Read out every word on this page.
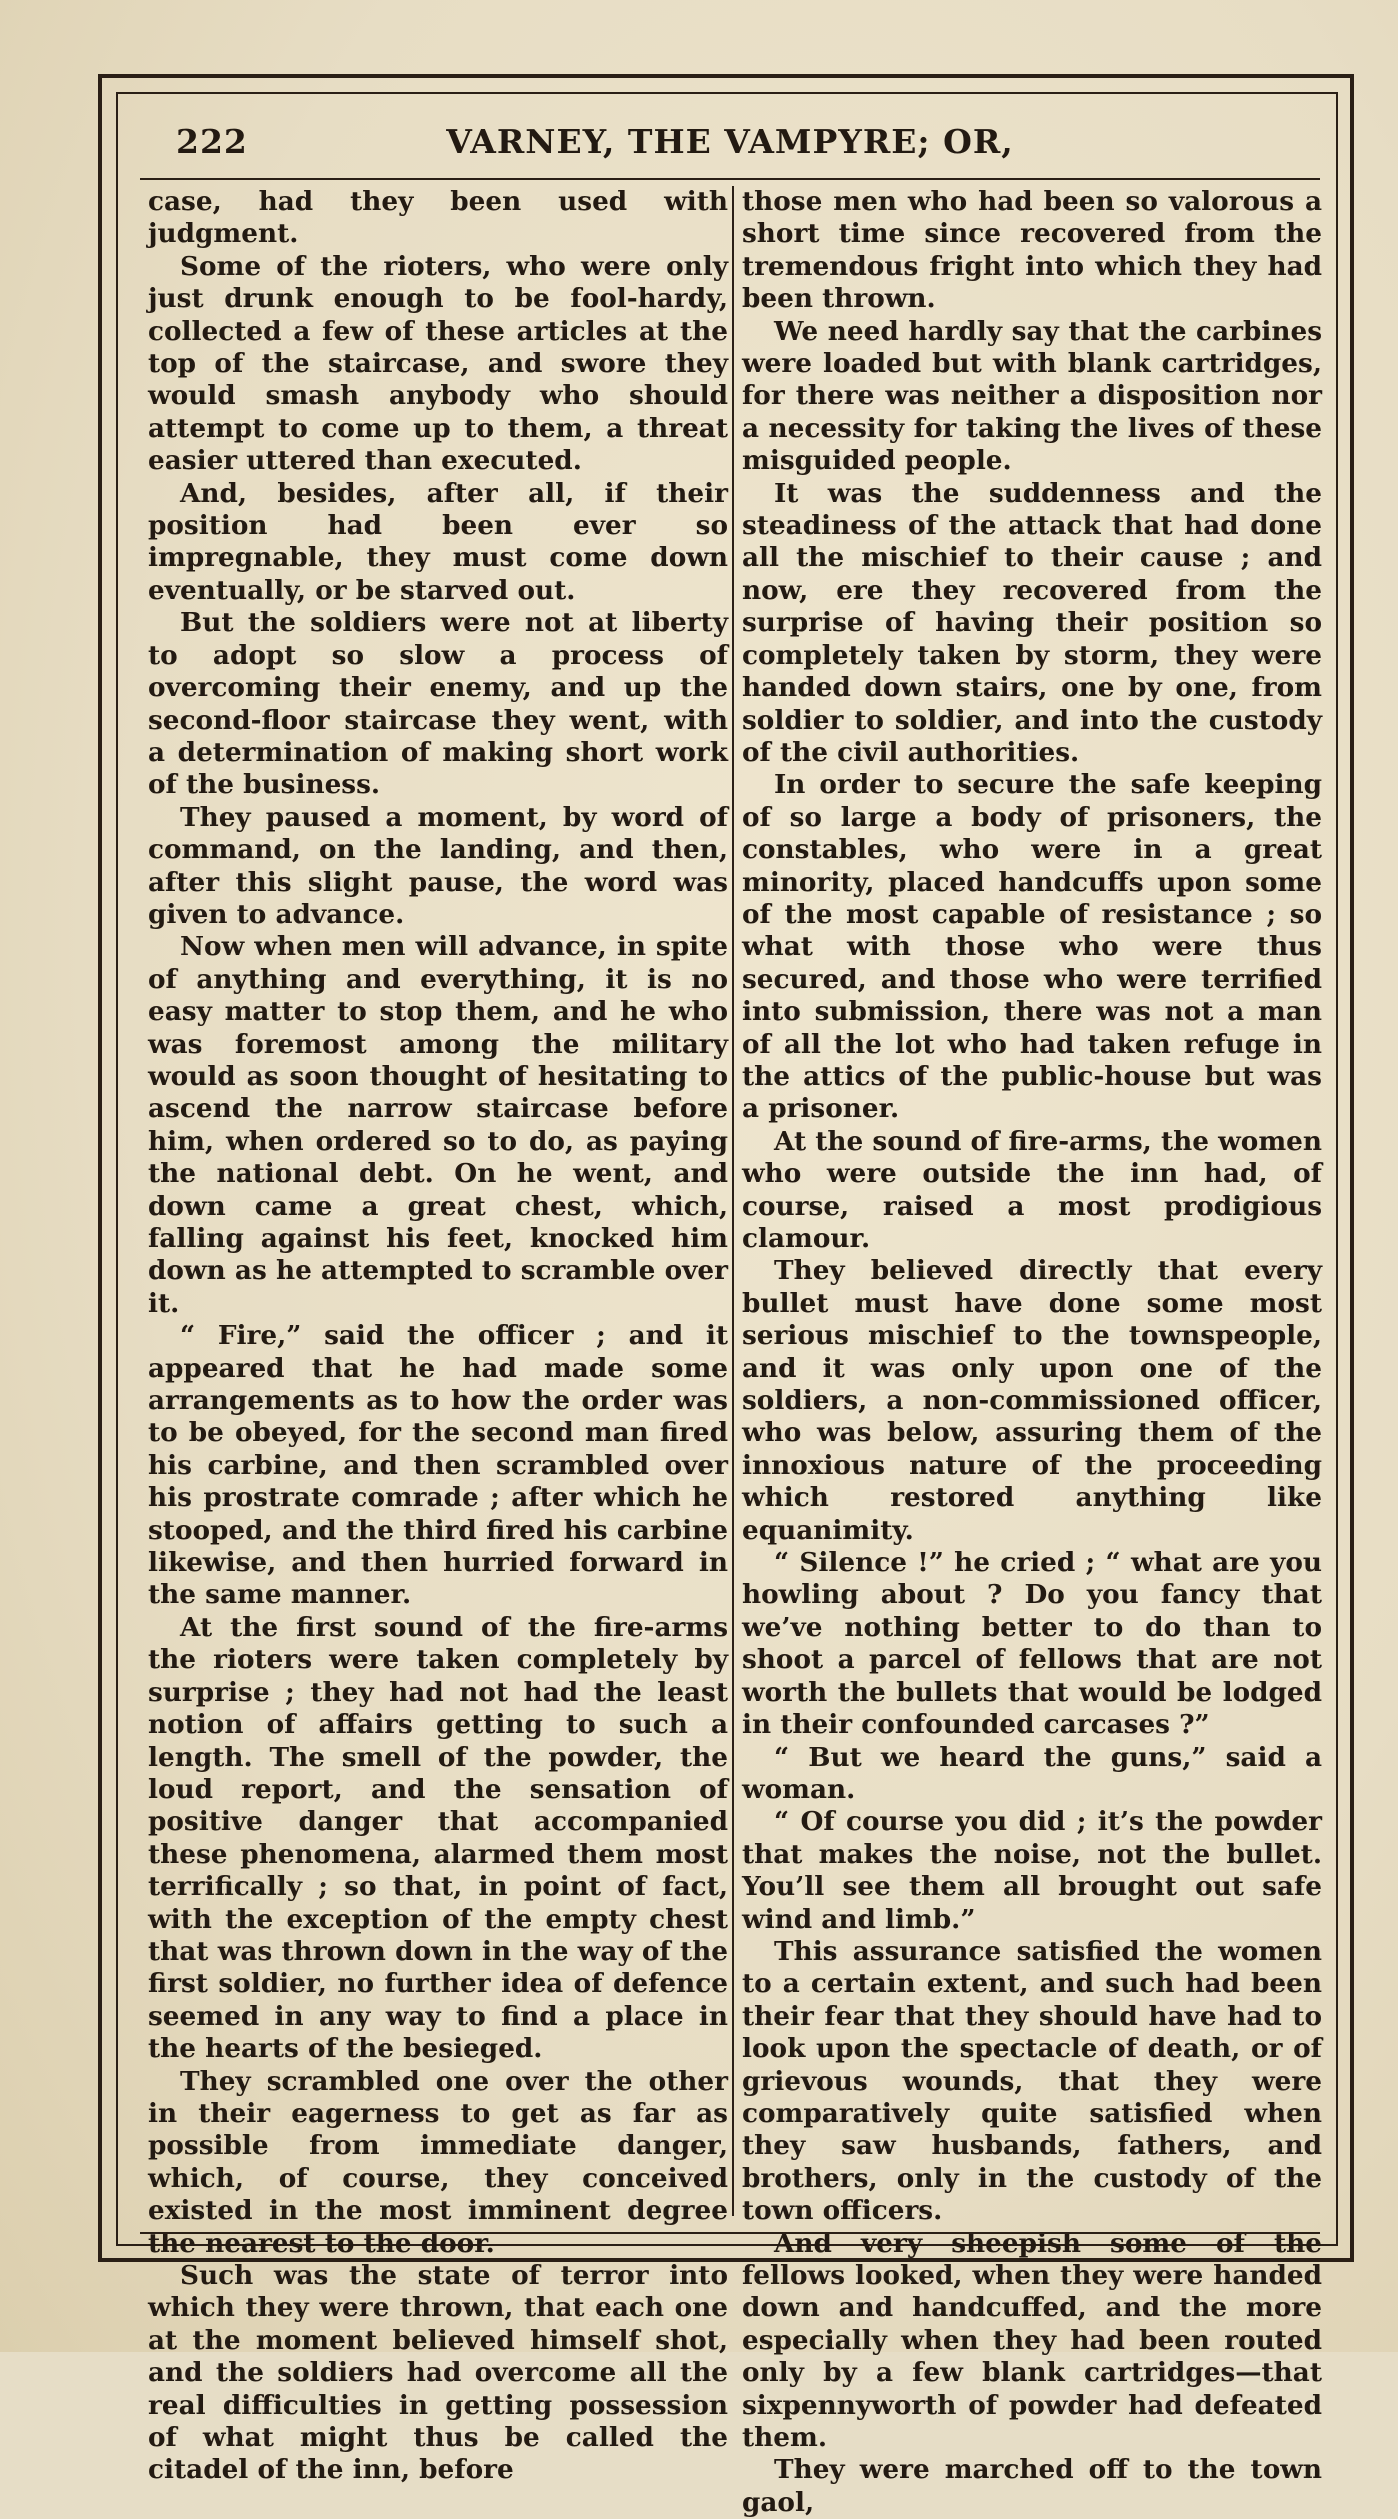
222	VARNEY, THE VAMPYRE; OR,

case, had they been used with judgment.

Some of the rioters, who were only just drunk enough to be fool-hardy, collected a few of these articles at the top of the staircase, and swore they would smash anybody who should attempt to come up to them, a threat easier uttered than executed.

And, besides, after all, if their position had been ever so impregnable, they must come down eventually, or be starved out.

But the soldiers were not at liberty to adopt so slow a process of overcoming their enemy, and up the second-floor staircase they went, with a determination of making short work of the business.

They paused a moment, by word of command, on the landing, and then, after this slight pause, the word was given to advance.

Now when men will advance, in spite of anything and everything, it is no easy matter to stop them, and he who was foremost among the military would as soon thought of hesitating to ascend the narrow staircase before him, when ordered so to do, as paying the national debt. On he went, and down came a great chest, which, falling against his feet, knocked him down as he attempted to scramble over it.

“ Fire,” said the officer ; and it appeared that he had made some arrangements as to how the order was to be obeyed, for the second man fired his carbine, and then scrambled over his prostrate comrade ; after which he stooped, and the third fired his carbine likewise, and then hurried forward in the same manner.

At the first sound of the fire-arms the rioters were taken completely by surprise ; they had not had the least notion of affairs getting to such a length. The smell of the powder, the loud report, and the sensation of positive danger that accompanied these phenomena, alarmed them most terrifically ; so that, in point of fact, with the exception of the empty chest that was thrown down in the way of the first soldier, no further idea of defence seemed in any way to find a place in the hearts of the besieged.

They scrambled one over the other in their eagerness to get as far as possible from immediate danger, which, of course, they conceived existed in the most imminent degree the nearest to the door.

Such was the state of terror into which they were thrown, that each one at the moment believed himself shot, and the soldiers had overcome all the real difficulties in getting possession of what might thus be called the citadel of the inn, before

those men who had been so valorous a short time since recovered from the tremendous fright into which they had been thrown.

We need hardly say that the carbines were loaded but with blank cartridges, for there was neither a disposition nor a necessity for taking the lives of these misguided people.

It was the suddenness and the steadiness of the attack that had done all the mischief to their cause ; and now, ere they recovered from the surprise of having their position so completely taken by storm, they were handed down stairs, one by one, from soldier to soldier, and into the custody of the civil authorities.

In order to secure the safe keeping of so large a body of prisoners, the constables, who were in a great minority, placed handcuffs upon some of the most capable of resistance ; so what with those who were thus secured, and those who were terrified into submission, there was not a man of all the lot who had taken refuge in the attics of the public-house but was a prisoner.

At the sound of fire-arms, the women who were outside the inn had, of course, raised a most prodigious clamour.

They believed directly that every bullet must have done some most serious mischief to the townspeople, and it was only upon one of the soldiers, a non-commissioned officer, who was below, assuring them of the innoxious nature of the proceeding which restored anything like equanimity.

“ Silence !” he cried ; “ what are you howling about ? Do you fancy that we’ve nothing better to do than to shoot a parcel of fellows that are not worth the bullets that would be lodged in their confounded carcases ?”

“ But we heard the guns,” said a woman.

“ Of course you did ; it’s the powder that makes the noise, not the bullet. You’ll see them all brought out safe wind and limb.”

This assurance satisfied the women to a certain extent, and such had been their fear that they should have had to look upon the spectacle of death, or of grievous wounds, that they were comparatively quite satisfied when they saw husbands, fathers, and brothers, only in the custody of the town officers.

And very sheepish some of the fellows looked, when they were handed down and handcuffed, and the more especially when they had been routed only by a few blank cartridges—that sixpennyworth of powder had defeated them.

They were marched off to the town gaol,
